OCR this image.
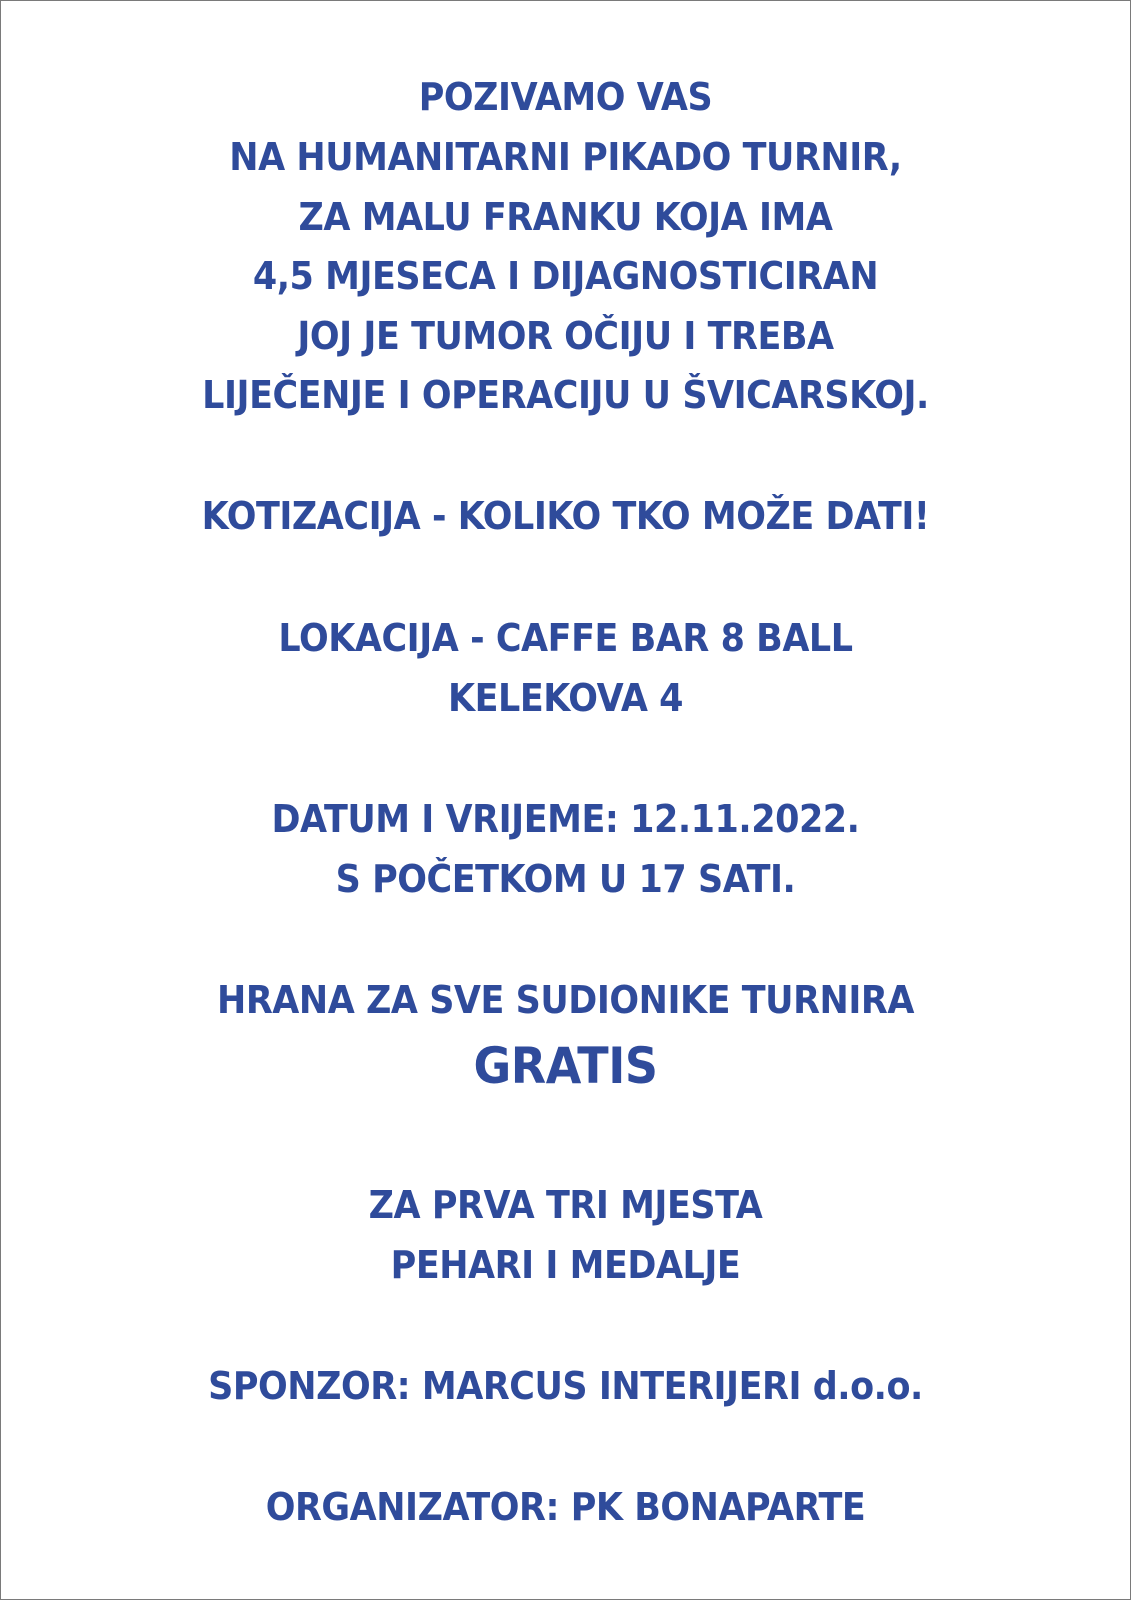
POZIVAMO VAS
NA HUMANITARNI PIKADO TURNIR,
ZA MALU FRANKU KOJA IMA
4,5 MJESECA I DIJAGNOSTICIRAN
JOJ JE TUMOR OČIJU I TREBA
LIJEČENJE I OPERACIJU U ŠVICARSKOJ.
KOTIZACIJA - KOLIKO TKO MOŽE DATI!
LOKACIJA - CAFFE BAR 8 BALL
KELEKOVA 4
DATUM I VRIJEME: 12.11.2022.
S POČETKOM U 17 SATI.
HRANA ZA SVE SUDIONIKE TURNIRA
GRATIS
ZA PRVA TRI MJESTA
PEHARI I MEDALJE
SPONZOR: MARCUS INTERIJERI d.o.o.
ORGANIZATOR: PK BONAPARTE
